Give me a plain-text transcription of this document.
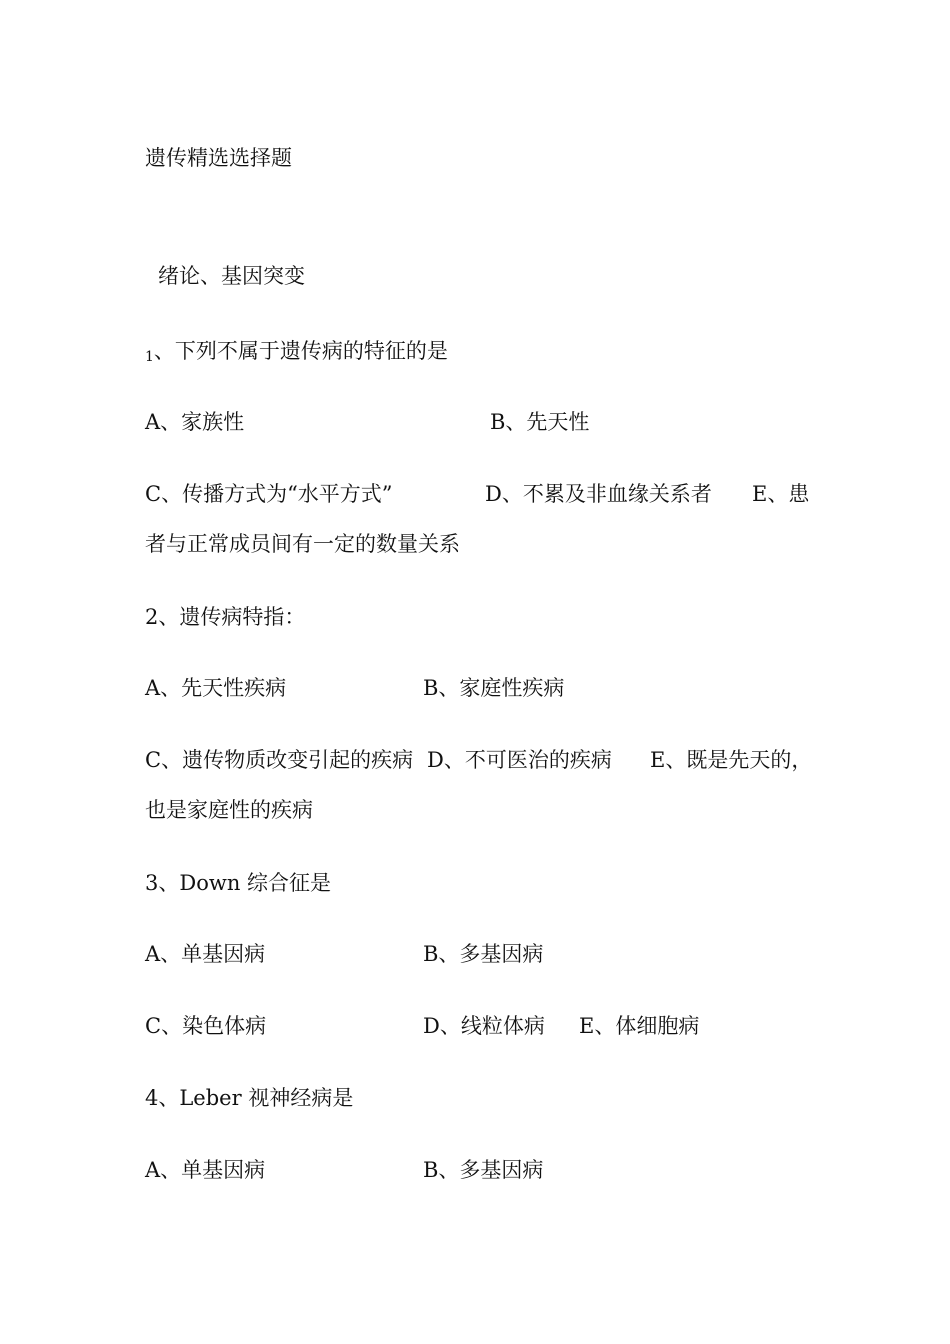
遗传精选选择题
绪论、基因突变
1、下列不属于遗传病的特征的是
A、家族性	B、先天性
C、传播方式为“水平方式”	D、不累及非血缘关系者 E、患
者与正常成员间有一定的数量关系
2、遗传病特指：
A、先天性疾病	B、家庭性疾病
C、遗传物质改变引起的疾病 D、不可医治的疾病 E、既是先天的，
也是家庭性的疾病
3、Down 综合征是
A、单基因病	B、多基因病
C、染色体病	D、线粒体病 E、体细胞病
4、Leber 视神经病是
A、单基因病	B、多基因病
